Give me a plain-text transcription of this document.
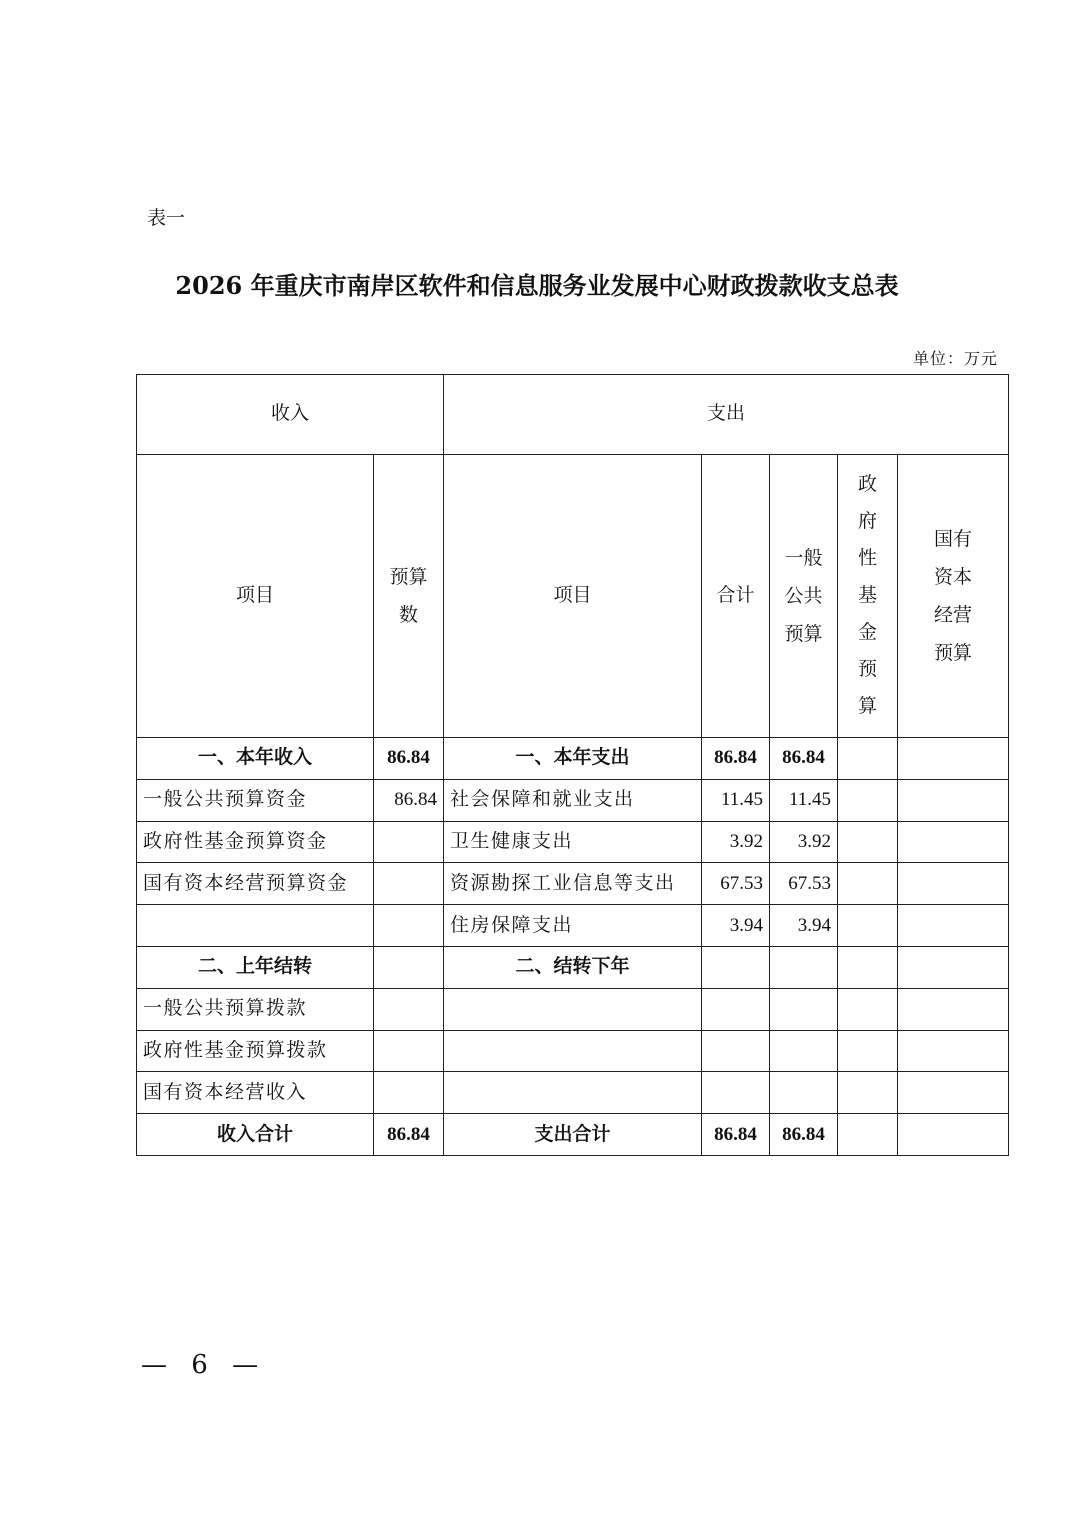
表一
2026 年重庆市南岸区软件和信息服务业发展中心财政拨款收支总表
单位：万元
收入		支出				
项目	预算数	项目	合计	一般公共预算	政府性基金预算	国有资本经营预算
一、本年收入	86.84	一、本年支出	86.84	86.84		
一般公共预算资金	86.84	社会保障和就业支出	11.45	11.45		
政府性基金预算资金		卫生健康支出	3.92	3.92		
国有资本经营预算资金		资源勘探工业信息等支出	67.53	67.53		
		住房保障支出	3.94	3.94		
二、上年结转		二、结转下年				
一般公共预算拨款						
政府性基金预算拨款						
国有资本经营收入						
收入合计	86.84	支出合计	86.84	86.84		
— 6 —
